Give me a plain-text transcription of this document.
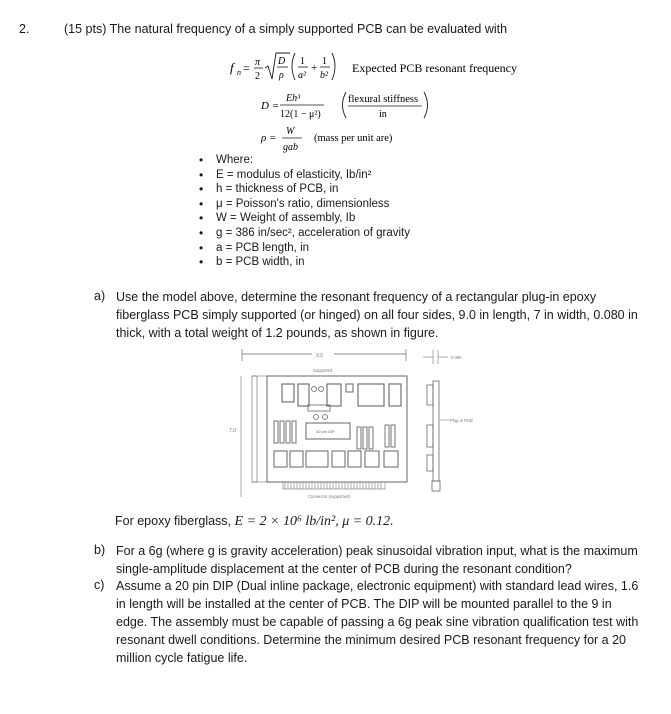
2.	(15 pts) The natural frequency of a simply supported PCB can be evaluated with
f n = π
2
D
ρ
1
a²
+
1
b²
Expected PCB resonant frequency
D =
Eh³
12(1 − μ²)
flexural stiffness
in
ρ =
W
gab
(mass per unit are)
• Where:
• E = modulus of elasticity, Ib/in²
• h = thickness of PCB, in
• μ = Poisson's ratio, dimensionless
• W = Weight of assembly, Ib
• g = 386 in/sec², acceleration of gravity
• a = PCB length, in
• b = PCB width, in
a) Use the model above, determine the resonant frequency of a rectangular plug-in epoxy fiberglass PCB simply supported (or hinged) on all four sides, 9.0 in length, 7 in width, 0.080 in thick, with a total weight of 1.2 pounds, as shown in figure.
9.0
Supported
7.0	40 pin DIP
Connector (supported)
0.080
Plug-in PCB
For epoxy fiberglass, E = 2 × 10⁶ lb/in², μ = 0.12.
b) For a 6g (where g is gravity acceleration) peak sinusoidal vibration input, what is the maximum single-amplitude displacement at the center of PCB during the resonant condition?
c) Assume a 20 pin DIP (Dual inline package, electronic equipment) with standard lead wires, 1.6 in length will be installed at the center of PCB. The DIP will be mounted parallel to the 9 in edge. The assembly must be capable of passing a 6g peak sine vibration qualification test with resonant dwell conditions. Determine the minimum desired PCB resonant frequency for a 20 million cycle fatigue life.
